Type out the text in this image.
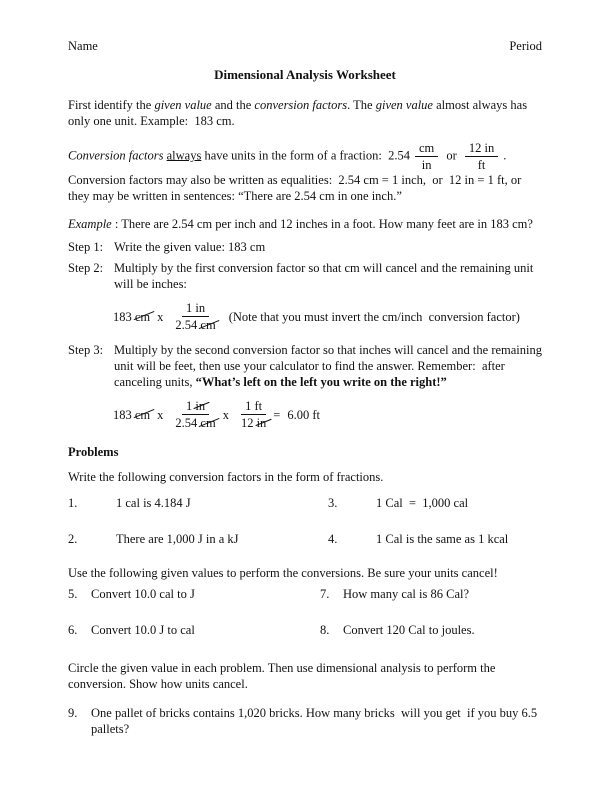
Name	Period
Dimensional Analysis Worksheet

First identify the given value and the conversion factors. The given value almost always has only one unit. Example:  183 cm.

Conversion factors always have units in the form of a fraction:  $2.54 \frac{cm}{in}$ or $\frac{12 in}{ft}$ . Conversion factors may also be written as equalities:  2.54 cm = 1 inch,  or  12 in = 1 ft, or they may be written in sentences: “There are 2.54 cm in one inch.”

Example : There are 2.54 cm per inch and 12 inches in a foot. How many feet are in 183 cm?

Step 1: Write the given value: 183 cm
Step 2: Multiply by the first conversion factor so that cm will cancel and the remaining unit will be inches:
183 cm x $\frac{1 in}{2.54 cm}$ (Note that you must invert the cm/inch  conversion factor)
Step 3: Multiply by the second conversion factor so that inches will cancel and the remaining unit will be feet, then use your calculator to find the answer. Remember:  after canceling units, “What’s left on the left you write on the right!”
183 cm x $\frac{1 in}{2.54 cm}$ x $\frac{1 ft}{12 in} = 6.00$ ft
Problems
Write the following conversion factors in the form of fractions.
1.	1 cal is 4.184 J	3.	1 Cal  =  1,000 cal
2.	There are 1,000 J in a kJ	4.	1 Cal is the same as 1 kcal
Use the following given values to perform the conversions. Be sure your units cancel!
5.	Convert 10.0 cal to J	7.	How many cal is 86 Cal?
6.	Convert 10.0 J to cal	8.	Convert 120 Cal to joules.
Circle the given value in each problem. Then use dimensional analysis to perform the conversion. Show how units cancel.
9.	One pallet of bricks contains 1,020 bricks. How many bricks  will you get  if you buy 6.5 pallets?
